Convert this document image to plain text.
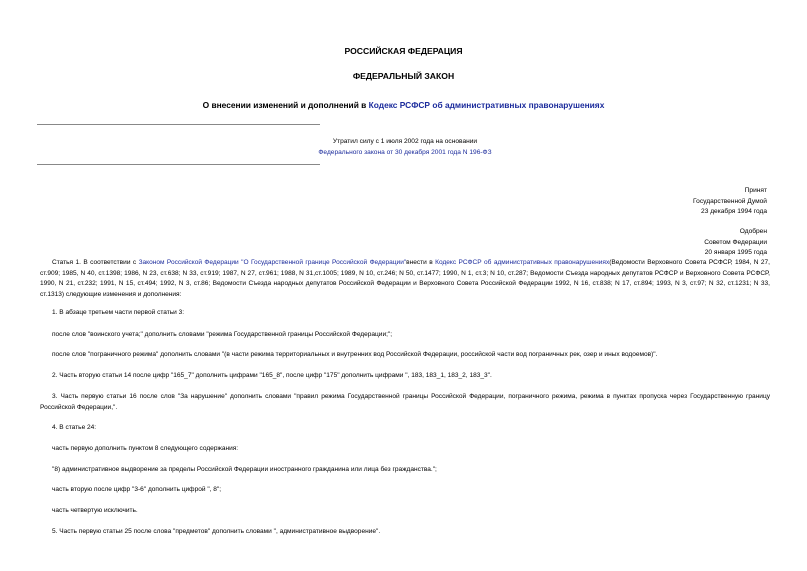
РОССИЙСКАЯ ФЕДЕРАЦИЯ
ФЕДЕРАЛЬНЫЙ ЗАКОН
О внесении изменений и дополнений в Кодекс РСФСР об административных правонарушениях
Утратил силу с 1 июля 2002 года на основании
Федерального закона от 30 декабря 2001 года N 196-ФЗ
Принят
Государственной Думой
23 декабря 1994 года
Одобрен
Советом Федерации
20 января 1995 года

Статья 1. В соответствии с Законом Российской Федерации "О Государственной границе Российской Федерации"внести в Кодекс РСФСР об административных правонарушениях(Ведомости Верховного Совета РСФСР, 1984, N 27, ст.909; 1985, N 40, ст.1398; 1986, N 23, ст.638; N 33, ст.919; 1987, N 27, ст.961; 1988, N 31,ст.1005; 1989, N 10, ст.246; N 50, ст.1477; 1990, N 1, ст.3; N 10, ст.287; Ведомости Съезда народных депутатов РСФСР и Верховного Совета РСФСР, 1990, N 21, ст.232; 1991, N 15, ст.494; 1992, N 3, ст.86; Ведомости Съезда народных депутатов Российской Федерации и Верховного Совета Российской Федерации 1992, N 16, ст.838; N 17, ст.894; 1993, N 3, ст.97; N 32, ст.1231; N 33, ст.1313) следующие изменения и дополнения:

1. В абзаце третьем части первой статьи 3:

после слов "воинского учета;" дополнить словами "режима Государственной границы Российской Федерации;";

после слов "пограничного режима" дополнить словами "(в части режима территориальных и внутренних вод Российской Федерации, российской части вод пограничных рек, озер и иных водоемов)".

2. Часть вторую статьи 14 после цифр "165_7" дополнить цифрами "165_8", после цифр "175" дополнить цифрами ", 183, 183_1, 183_2, 183_3".

3. Часть первую статьи 16 после слов "За нарушение" дополнить словами "правил режима Государственной границы Российской Федерации, пограничного режима, режима в пунктах пропуска через Государственную границу Российской Федерации,".

4. В статье 24:

часть первую дополнить пунктом 8 следующего содержания:

"8) административное выдворение за пределы Российской Федерации иностранного гражданина или лица без гражданства.";

часть вторую после цифр "3-6" дополнить цифрой ", 8";

часть четвертую исключить.

5. Часть первую статьи 25 после слова "предметов" дополнить словами ", административное выдворение".
